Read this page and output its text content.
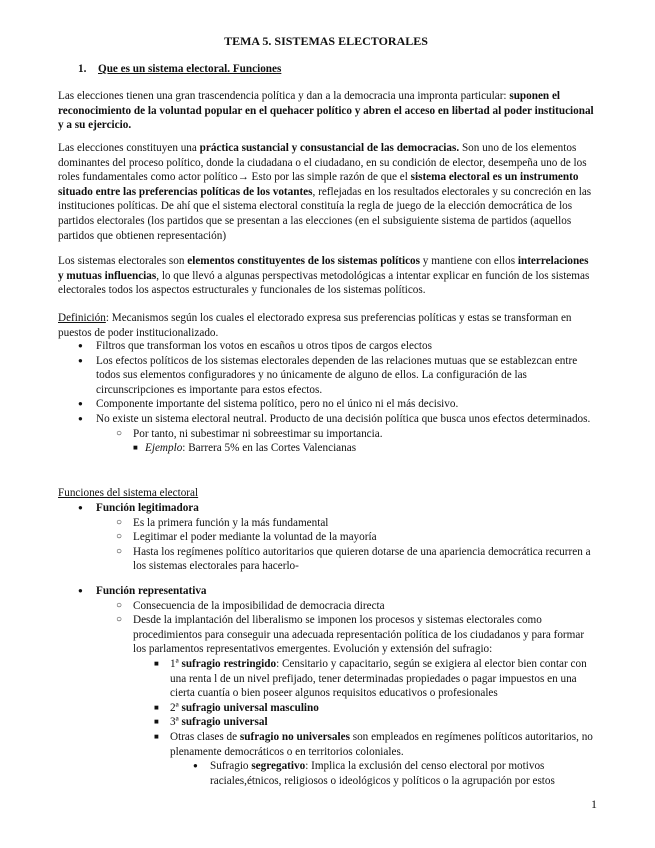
TEMA 5. SISTEMAS ELECTORALES
1. Que es un sistema electoral. Funciones

Las elecciones tienen una gran trascendencia política y dan a la democracia una impronta particular: suponen el reconocimiento de la voluntad popular en el quehacer político y abren el acceso en libertad al poder institucional y a su ejercicio.

Las elecciones constituyen una práctica sustancial y consustancial de las democracias. Son uno de los elementos dominantes del proceso político, donde la ciudadana o el ciudadano, en su condición de elector, desempeña uno de los roles fundamentales como actor político→ Esto por las simple razón de que el sistema electoral es un instrumento situado entre las preferencias políticas de los votantes, reflejadas en los resultados electorales y su concreción en las instituciones políticas. De ahí que el sistema electoral constituía la regla de juego de la elección democrática de los partidos electorales (los partidos que se presentan a las elecciones (en el subsiguiente sistema de partidos (aquellos partidos que obtienen representación)

Los sistemas electorales son elementos constituyentes de los sistemas políticos y mantiene con ellos interrelaciones y mutuas influencias, lo que llevó a algunas perspectivas metodológicas a intentar explicar en función de los sistemas electorales todos los aspectos estructurales y funcionales de los sistemas políticos.

Definición: Mecanismos según los cuales el electorado expresa sus preferencias políticas y estas se transforman en puestos de poder institucionalizado.

● Filtros que transforman los votos en escaños u otros tipos de cargos electos
● Los efectos políticos de los sistemas electorales dependen de las relaciones mutuas que se establezcan entre todos sus elementos configuradores y no únicamente de alguno de ellos. La configuración de las circunscripciones es importante para estos efectos.
● Componente importante del sistema político, pero no el único ni el más decisivo.
● No existe un sistema electoral neutral. Producto de una decisión política que busca unos efectos determinados.
○ Por tanto, ni subestimar ni sobreestimar su importancia.
■ Ejemplo: Barrera 5% en las Cortes Valencianas
Funciones del sistema electoral
● Función legitimadora
○ Es la primera función y la más fundamental
○ Legitimar el poder mediante la voluntad de la mayoría
○ Hasta los regímenes político autoritarios que quieren dotarse de una apariencia democrática recurren a los sistemas electorales para hacerlo-
● Función representativa
○ Consecuencia de la imposibilidad de democracia directa
○ Desde la implantación del liberalismo se imponen los procesos y sistemas electorales como procedimientos para conseguir una adecuada representación política de los ciudadanos y para formar los parlamentos representativos emergentes. Evolución y extensión del sufragio:
■ 1ª sufragio restringido: Censitario y capacitario, según se exigiera al elector bien contar con una renta l de un nivel prefijado, tener determinadas propiedades o pagar impuestos en una cierta cuantía o bien poseer algunos requisitos educativos o profesionales
■ 2ª sufragio universal masculino
■ 3ª sufragio universal
■ Otras clases de sufragio no universales son empleados en regímenes políticos autoritarios, no plenamente democráticos o en territorios coloniales.
● Sufragio segregativo: Implica la exclusión del censo electoral por motivos raciales,étnicos, religiosos o ideológicos y políticos o la agrupación por estos
1
